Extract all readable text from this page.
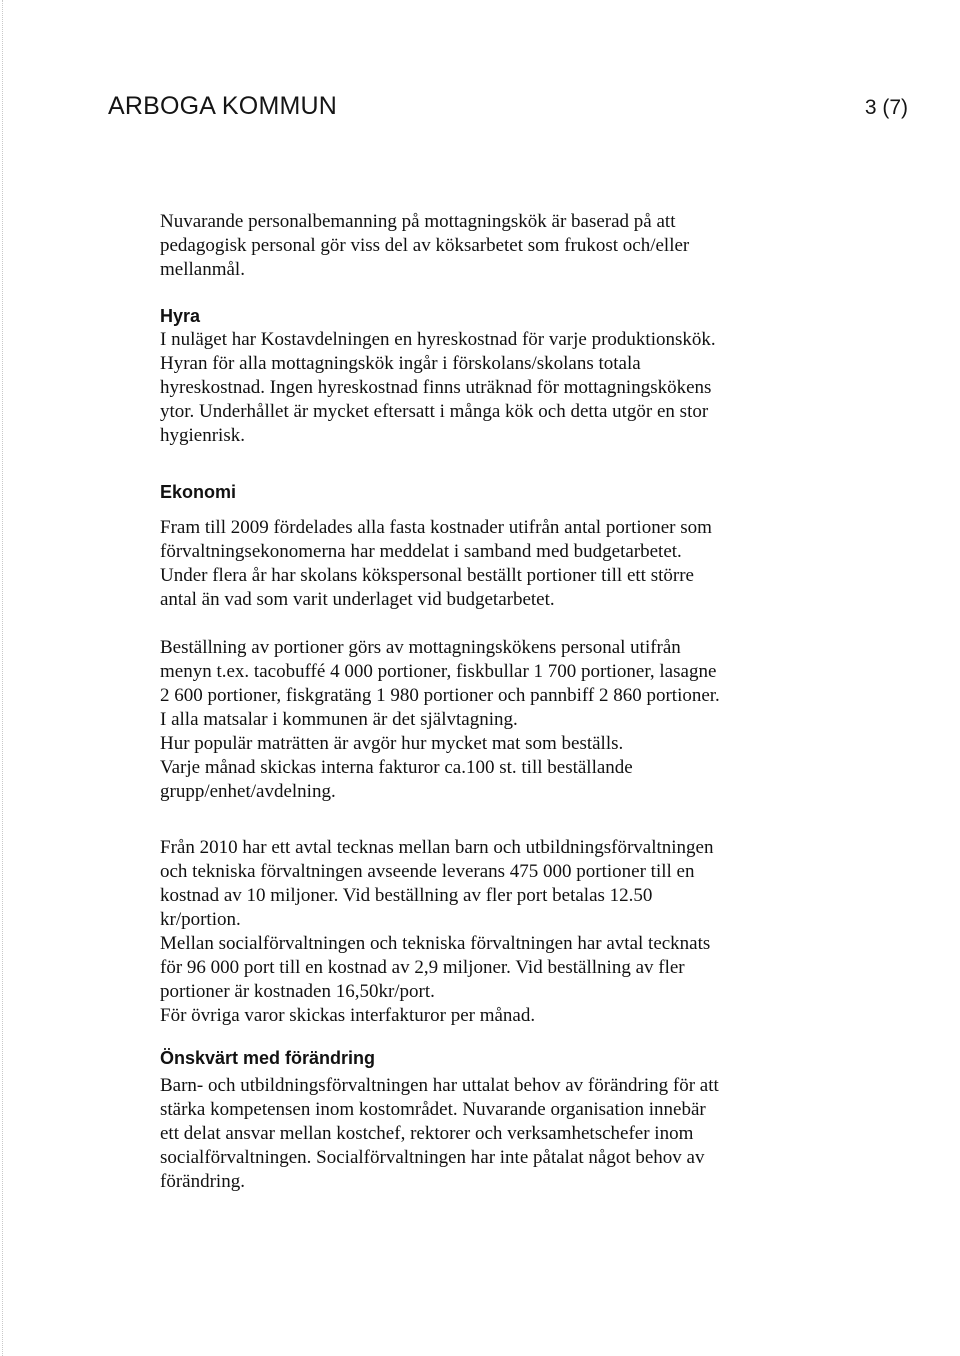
ARBOGA KOMMUN	3 (7)
Nuvarande personalbemanning på mottagningskök är baserad på att
pedagogisk personal gör viss del av köksarbetet som frukost och/eller
mellanmål.
Hyra
I nuläget har Kostavdelningen en hyreskostnad för varje produktionskök.
Hyran för alla mottagningskök ingår i förskolans/skolans totala
hyreskostnad. Ingen hyreskostnad finns uträknad för mottagningskökens
ytor. Underhållet är mycket eftersatt i många kök och detta utgör en stor
hygienrisk.
Ekonomi
Fram till 2009 fördelades alla fasta kostnader utifrån antal portioner som
förvaltningsekonomerna har meddelat i samband med budgetarbetet.
Under flera år har skolans kökspersonal beställt portioner till ett större
antal än vad som varit underlaget vid budgetarbetet.
Beställning av portioner görs av mottagningskökens personal utifrån
menyn t.ex. tacobuffé 4 000 portioner, fiskbullar 1 700 portioner, lasagne
2 600 portioner, fiskgratäng 1 980 portioner och pannbiff 2 860 portioner.
I alla matsalar i kommunen är det självtagning.
Hur populär maträtten är avgör hur mycket mat som beställs.
Varje månad skickas interna fakturor ca.100 st. till beställande
grupp/enhet/avdelning.
Från 2010 har ett avtal tecknas mellan barn och utbildningsförvaltningen
och tekniska förvaltningen avseende leverans 475 000 portioner till en
kostnad av 10 miljoner. Vid beställning av fler port betalas 12.50
kr/portion.
Mellan socialförvaltningen och tekniska förvaltningen har avtal tecknats
för 96 000 port till en kostnad av 2,9 miljoner. Vid beställning av fler
portioner är kostnaden 16,50kr/port.
För övriga varor skickas interfakturor per månad.
Önskvärt med förändring
Barn- och utbildningsförvaltningen har uttalat behov av förändring för att
stärka kompetensen inom kostområdet. Nuvarande organisation innebär
ett delat ansvar mellan kostchef, rektorer och verksamhetschefer inom
socialförvaltningen. Socialförvaltningen har inte påtalat något behov av
förändring.
